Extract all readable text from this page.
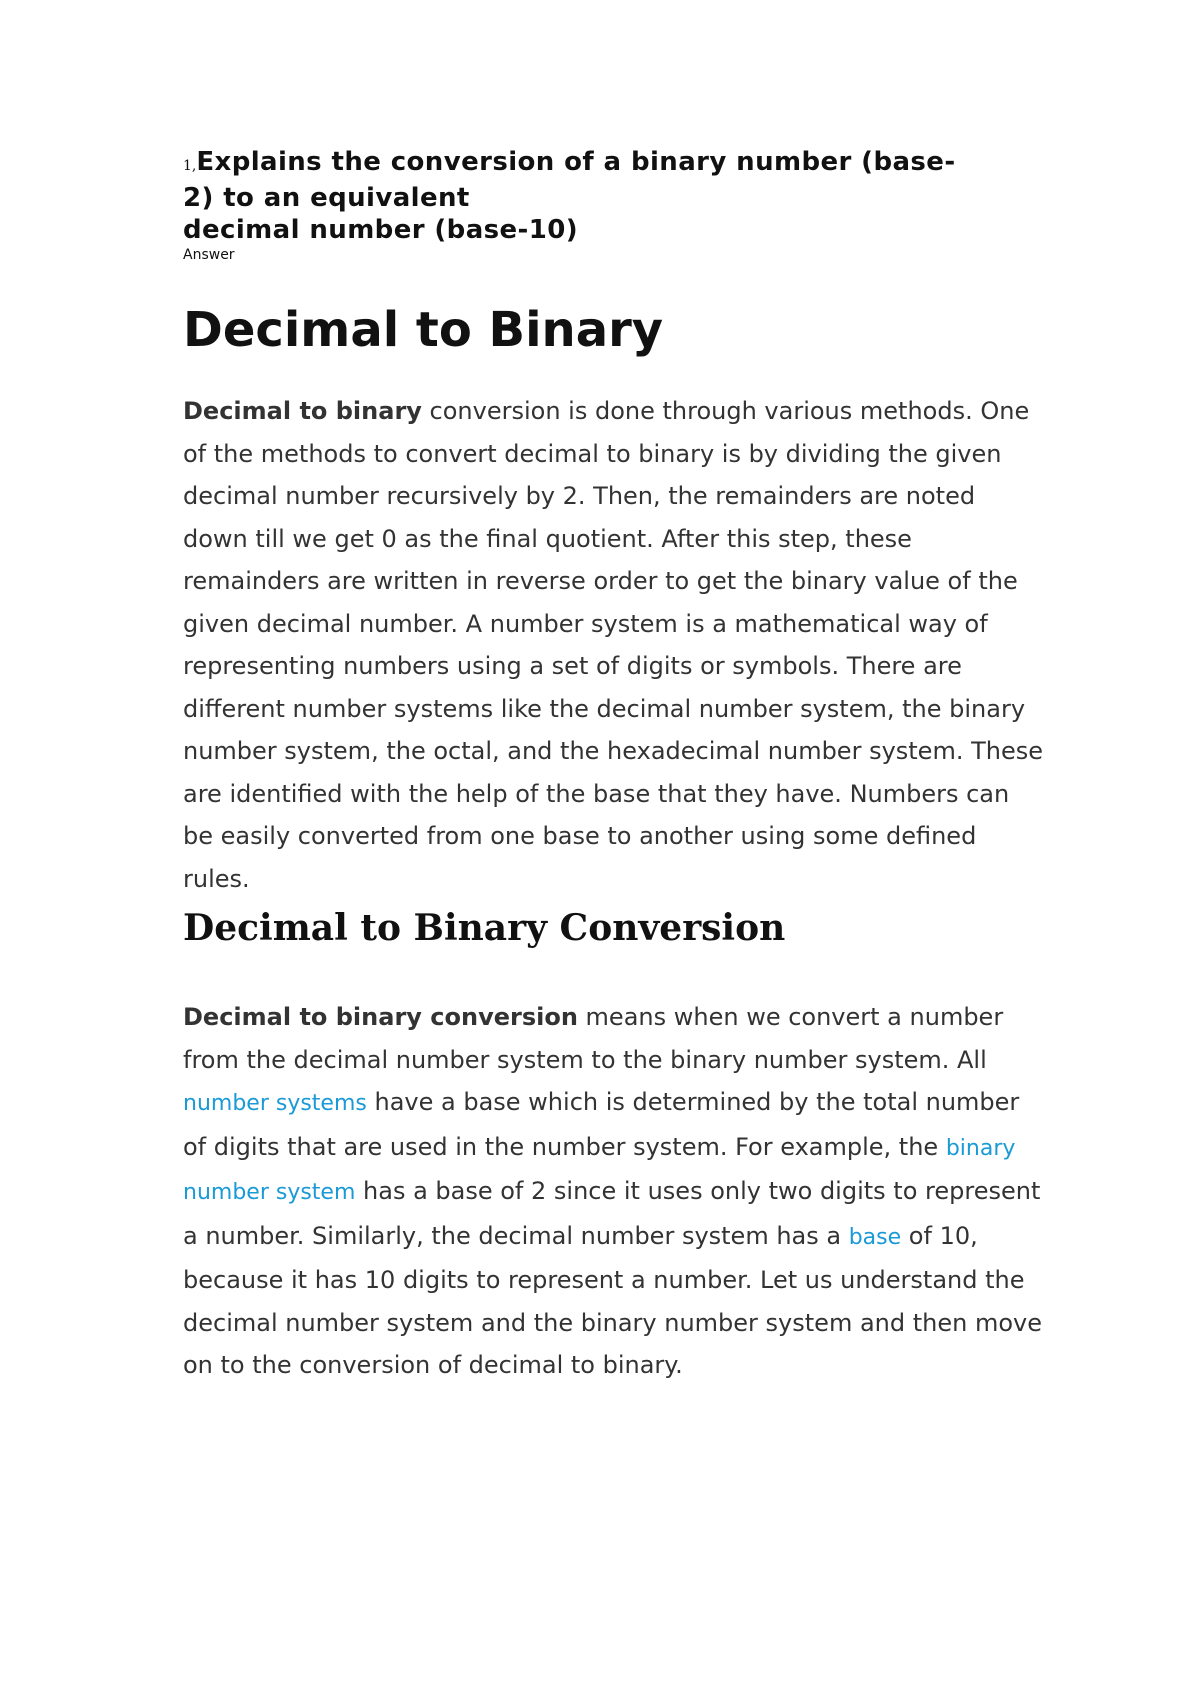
1,Explains the conversion of a binary number (base-
2) to an equivalent
decimal number (base-10)
Answer
Decimal to Binary

Decimal to binary conversion is done through various methods. One of the methods to convert decimal to binary is by dividing the given decimal number recursively by 2. Then, the remainders are noted down till we get 0 as the final quotient. After this step, these remainders are written in reverse order to get the binary value of the given decimal number. A number system is a mathematical way of representing numbers using a set of digits or symbols. There are different number systems like the decimal number system, the binary number system, the octal, and the hexadecimal number system. These are identified with the help of the base that they have. Numbers can be easily converted from one base to another using some defined rules.

Decimal to Binary Conversion

Decimal to binary conversion means when we convert a number from the decimal number system to the binary number system. All number systems have a base which is determined by the total number of digits that are used in the number system. For example, the binary number system has a base of 2 since it uses only two digits to represent a number. Similarly, the decimal number system has a base of 10, because it has 10 digits to represent a number. Let us understand the decimal number system and the binary number system and then move on to the conversion of decimal to binary.
